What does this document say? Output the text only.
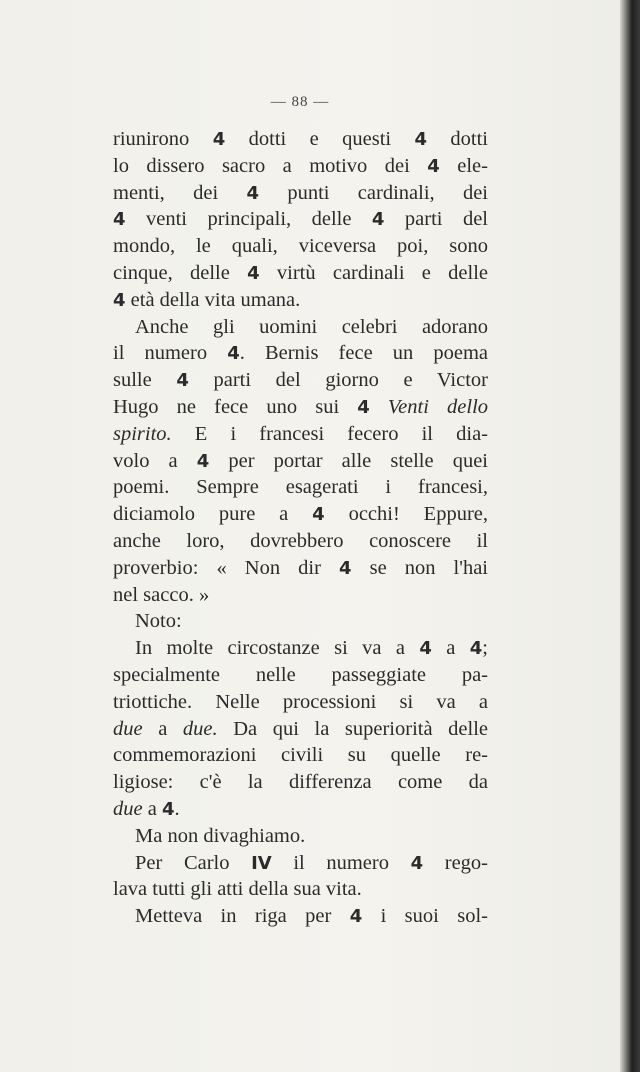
— 88 —
riunirono 4 dotti e questi 4 dotti
lo dissero sacro a motivo dei 4 ele-
menti, dei 4 punti cardinali, dei
4 venti principali, delle 4 parti del
mondo, le quali, viceversa poi, sono
cinque, delle 4 virtù cardinali e delle
4 età della vita umana.
Anche gli uomini celebri adorano
il numero 4. Bernis fece un poema
sulle 4 parti del giorno e Victor
Hugo ne fece uno sui 4 Venti dello
spirito. E i francesi fecero il dia-
volo a 4 per portar alle stelle quei
poemi. Sempre esagerati i francesi,
diciamolo pure a 4 occhi! Eppure,
anche loro, dovrebbero conoscere il
proverbio: « Non dir 4 se non l'hai
nel sacco. »
Noto:
In molte circostanze si va a 4 a 4;
specialmente nelle passeggiate pa-
triottiche. Nelle processioni si va a
due a due. Da qui la superiorità delle
commemorazioni civili su quelle re-
ligiose: c'è la differenza come da
due a 4.
Ma non divaghiamo.
Per Carlo IV il numero 4 rego-
lava tutti gli atti della sua vita.
Metteva in riga per 4 i suoi sol-
